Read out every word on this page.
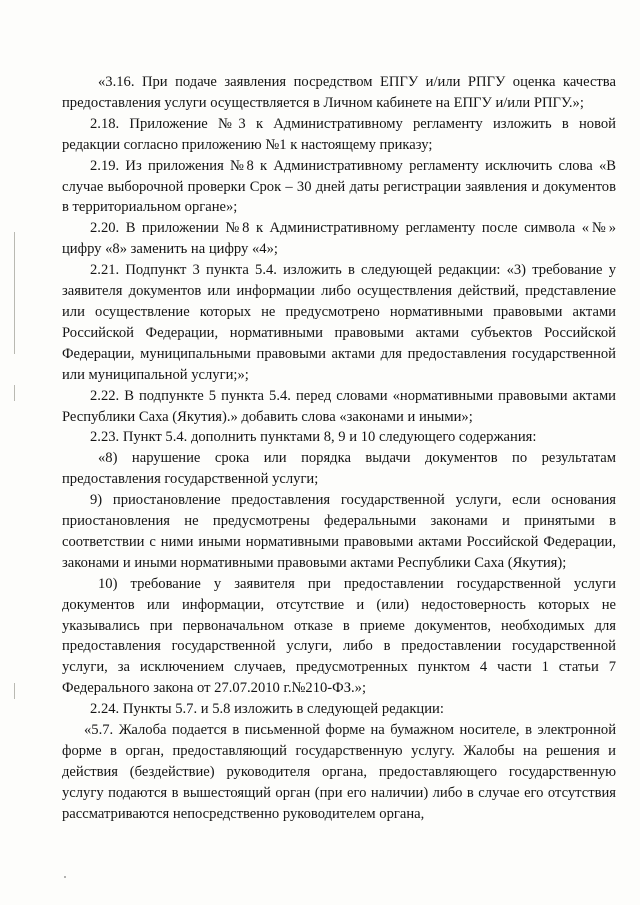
«3.16. При подаче заявления посредством ЕПГУ и/или РПГУ оценка качества предоставления услуги осуществляется в Личном кабинете на ЕПГУ и/или РПГУ.»;

2.18. Приложение №3 к Административному регламенту изложить в новой редакции согласно приложению №1 к настоящему приказу;

2.19. Из приложения №8 к Административному регламенту исключить слова «В случае выборочной проверки Срок – 30 дней даты регистрации заявления и документов в территориальном органе»;

2.20. В приложении №8 к Административному регламенту после символа «№» цифру «8» заменить на цифру «4»;

2.21. Подпункт 3 пункта 5.4. изложить в следующей редакции: «3) требование у заявителя документов или информации либо осуществления действий, представление или осуществление которых не предусмотрено нормативными правовыми актами Российской Федерации, нормативными правовыми актами субъектов Российской Федерации, муниципальными правовыми актами для предоставления государственной или муниципальной услуги;»;

2.22. В подпункте 5 пункта 5.4. перед словами «нормативными правовыми актами Республики Саха (Якутия).» добавить слова «законами и иными»;

2.23. Пункт 5.4. дополнить пунктами 8, 9 и 10 следующего содержания:

«8) нарушение срока или порядка выдачи документов по результатам предоставления государственной услуги;

9) приостановление предоставления государственной услуги, если основания приостановления не предусмотрены федеральными законами и принятыми в соответствии с ними иными нормативными правовыми актами Российской Федерации, законами и иными нормативными правовыми актами Республики Саха (Якутия);

10) требование у заявителя при предоставлении государственной услуги документов или информации, отсутствие и (или) недостоверность которых не указывались при первоначальном отказе в приеме документов, необходимых для предоставления государственной услуги, либо в предоставлении государственной услуги, за исключением случаев, предусмотренных пунктом 4 части 1 статьи 7 Федерального закона от 27.07.2010 г.№210-ФЗ.»;

2.24. Пункты 5.7. и 5.8 изложить в следующей редакции:

«5.7. Жалоба подается в письменной форме на бумажном носителе, в электронной форме в орган, предоставляющий государственную услугу. Жалобы на решения и действия (бездействие) руководителя органа, предоставляющего государственную услугу подаются в вышестоящий орган (при его наличии) либо в случае его отсутствия рассматриваются непосредственно руководителем органа,
